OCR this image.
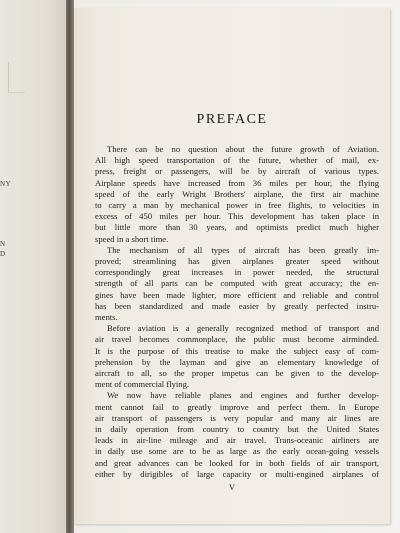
NY
N
D
PREFACE
There can be no question about the future growth of Aviation.
All high speed transportation of the future, whether of mail, ex-
press, freight or passengers, will be by aircraft of various types.
Airplane speeds have increased from 36 miles per hour, the flying
speed of the early Wright Brothers' airplane, the first air machine
to carry a man by mechanical power in free flights, to velocities in
excess of 450 miles per hour. This development has taken place in
but little more than 30 years, and optimists predict much higher
speed in a short time.
The mechanism of all types of aircraft has been greatly im-
proved; streamlining has given airplanes greater speed without
correspondingly great increases in power needed, the structural
strength of all parts can be computed with great accuracy; the en-
gines have been made lighter, more efficient and reliable and control
has been standardized and made easier by greatly perfected instru-
ments.
Before aviation is a generally recognized method of transport and
air travel becomes commonplace, the public must become airminded.
It is the purpose of this treatise to make the subject easy of com-
prehension by the layman and give an elementary knowledge of
aircraft to all, so the proper impetus can be given to the develop-
ment of commercial flying.
We now have reliable planes and engines and further develop-
ment cannot fail to greatly improve and perfect them. In Europe
air transport of passengers is very popular and many air lines are
in daily operation from country to country but the United States
leads in air-line mileage and air travel. Trans-oceanic airliners are
in daily use some are to be as large as the early ocean-going vessels
and great advances can be looked for in both fields of air transport,
either by dirigibles of large capacity or multi-engined airplanes of
V
